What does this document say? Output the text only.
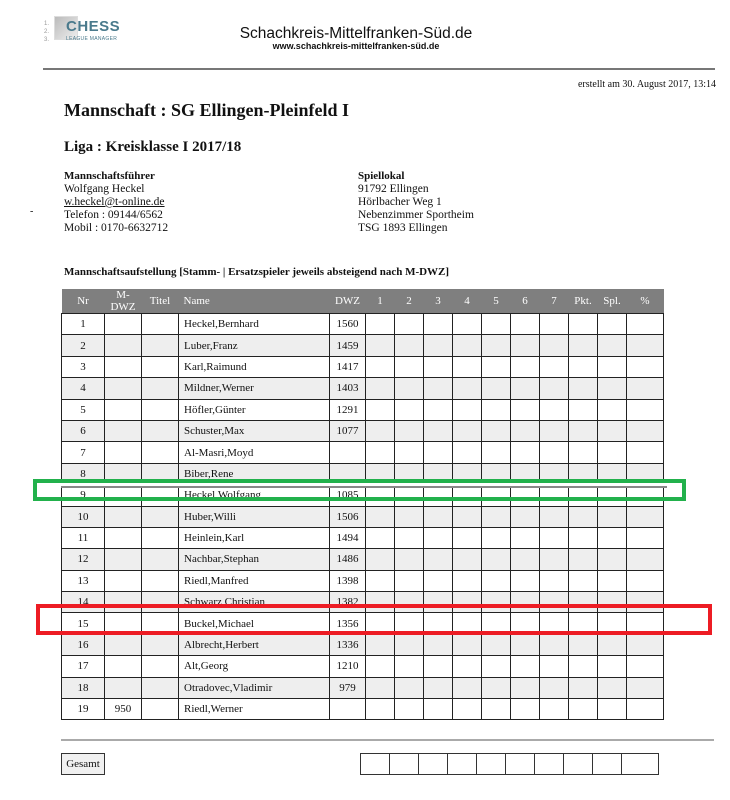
1.
2.
3.
CHESS
LEAGUE MANAGER	Schachkreis-Mittelfranken-Süd.de
www.schachkreis-mittelfranken-süd.de
erstellt am 30. August 2017, 13:14
Mannschaft : SG Ellingen-Pleinfeld I
Liga : Kreisklasse I 2017/18
Mannschaftsführer
Wolfgang Heckel
w.heckel@t-online.de
Telefon : 09144/6562
Mobil : 0170-6632712
-
Spiellokal
91792 Ellingen
Hörlbacher Weg 1
Nebenzimmer Sportheim
TSG 1893 Ellingen
Mannschaftsaufstellung [Stamm- | Ersatzspieler jeweils absteigend nach M-DWZ]
Nr	M-DWZ	Titel	Name	DWZ	1	2	3	4	5	6	7	Pkt.	Spl.	%
1			Heckel,Bernhard	1560										
2			Luber,Franz	1459										
3			Karl,Raimund	1417										
4			Mildner,Werner	1403										
5			Höfler,Günter	1291										
6			Schuster,Max	1077										
7			Al-Masri,Moyd											
8			Biber,Rene											
9			Heckel,Wolfgang	1085										
10			Huber,Willi	1506										
11			Heinlein,Karl	1494										
12			Nachbar,Stephan	1486										
13			Riedl,Manfred	1398										
14			Schwarz,Christian	1382										
15			Buckel,Michael	1356										
16			Albrecht,Herbert	1336										
17			Alt,Georg	1210										
18			Otradovec,Vladimir	979										
19	950		Riedl,Werner											
Gesamt
